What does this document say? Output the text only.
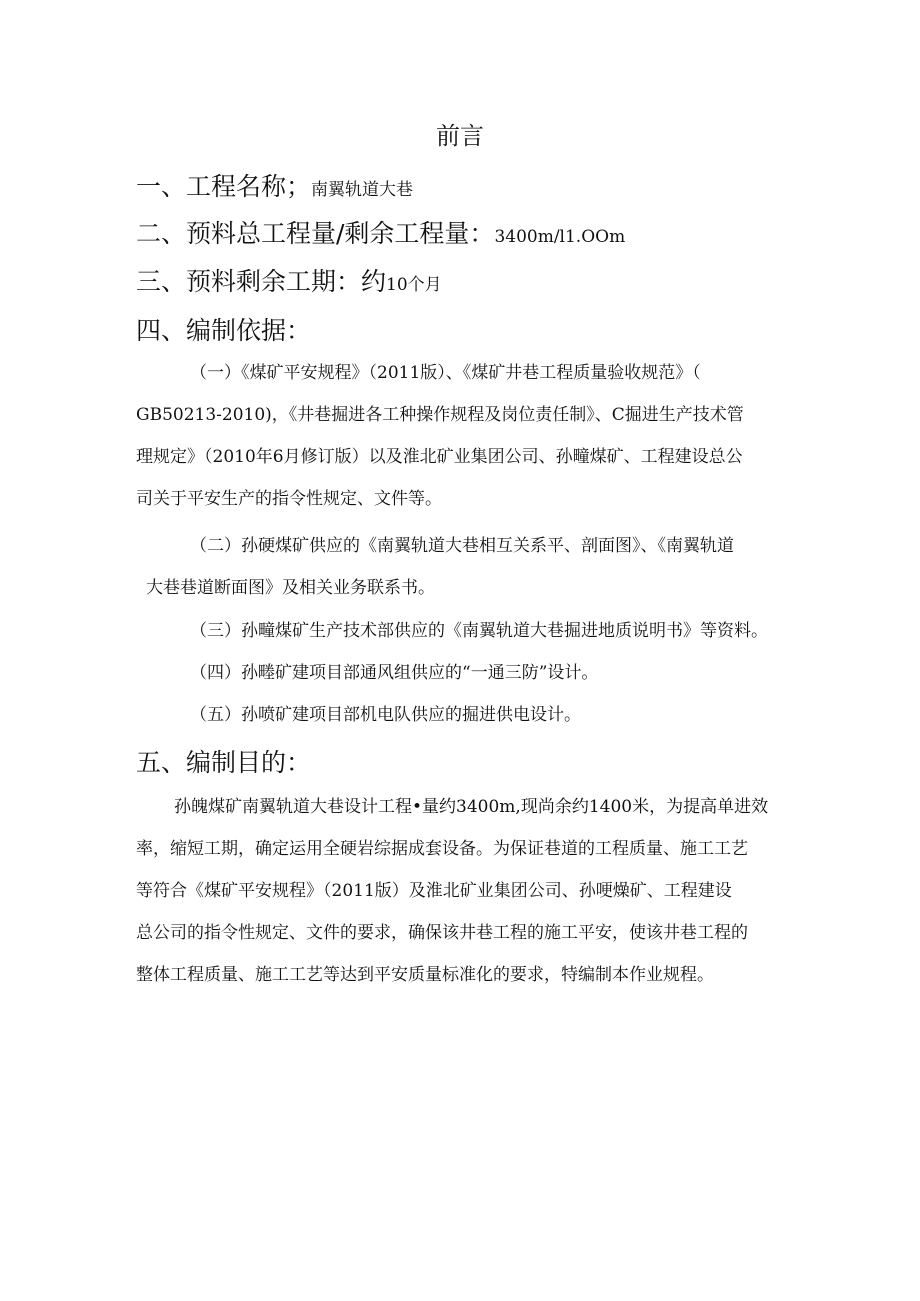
前言
一、工程名称；南翼轨道大巷
二、预料总工程量/剩余工程量：3400m/l1.OOm
三、预料剩余工期：约10个月
四、编制依据：
（一）《煤矿平安规程》（2011版）、《煤矿井巷工程质量验收规范》（
GB50213-2010)，《井巷掘进各工种操作规程及岗位责任制》、C掘进生产技术管
理规定》（2010年6月修订版）以及淮北矿业集团公司、孙疃煤矿、工程建设总公
司关于平安生产的指令性规定、文件等。
（二）孙硬煤矿供应的《南翼轨道大巷相互关系平、剖面图》、《南翼轨道
大巷巷道断面图》及相关业务联系书。
（三）孙疃煤矿生产技术部供应的《南翼轨道大巷掘进地质说明书》等资料。
（四）孙畻矿建项目部通风组供应的“一通三防”设计。
（五）孙喷矿建项目部机电队供应的掘进供电设计。
五、编制目的：
孙魄煤矿南翼轨道大巷设计工程•量约3400m,现尚余约1400米，为提高单进效
率，缩短工期，确定运用全硬岩综据成套设备。为保证巷道的工程质量、施工工艺
等符合《煤矿平安规程》（2011版）及淮北矿业集团公司、孙哽燥矿、工程建设
总公司的指令性规定、文件的要求，确保该井巷工程的施工平安，使该井巷工程的
整体工程质量、施工工艺等达到平安质量标准化的要求，特编制本作业规程。
